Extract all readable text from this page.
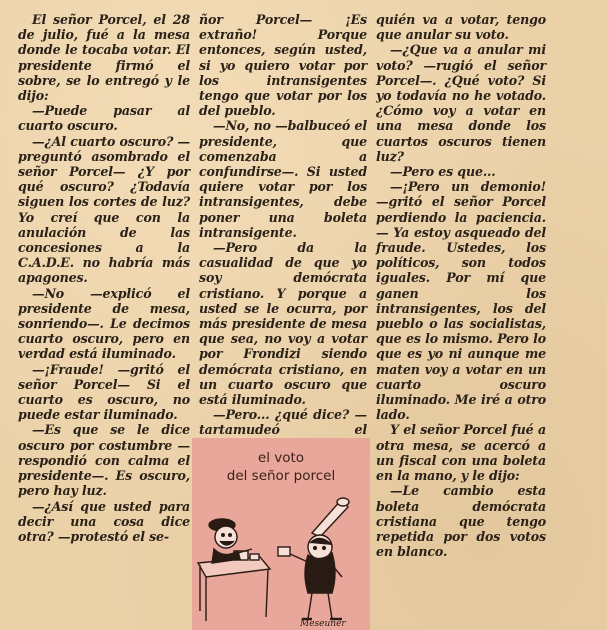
El señor Porcel, el 28 de julio, fué a la mesa donde le tocaba votar. El presidente firmó el sobre, se lo entregó y le dijo:

—Puede pasar al cuarto oscuro.

—¿Al cuarto oscuro? —preguntó asombrado el señor Porcel— ¿Y por qué oscuro? ¿Todavía siguen los cortes de luz? Yo creí que con la anulación de las concesiones a la C.A.D.E. no habría más apagones.

—No —explicó el presidente de mesa, sonriendo—. Le decimos cuarto oscuro, pero en verdad está iluminado.

—¡Fraude! —gritó el señor Porcel— Si el cuarto es oscuro, no puede estar iluminado.

—Es que se le dice oscuro por costumbre —respondió con calma el presidente—. Es oscuro, pero hay luz.

—¿Así que usted para decir una cosa dice otra? —protestó el se-

ñor Porcel— ¡Es extraño! Porque entonces, según usted, si yo quiero votar por los intransigentes tengo que votar por los del pueblo.

—No, no —balbuceó el presidente, que comenzaba a confundirse—. Si usted quiere votar por los intransigentes, debe poner una boleta intransigente.

—Pero da la casualidad de que yo soy demócrata cristiano. Y porque a usted se le ocurra, por más presidente de mesa que sea, no voy a votar por Frondizi siendo demócrata cristiano, en un cuarto oscuro que está iluminado.

—Pero... ¿qué dice? —tartamudeó el

quién va a votar, tengo que anular su voto.

—¿Que va a anular mi voto? —rugió el señor Porcel—. ¿Qué voto? Si yo todavía no he votado. ¿Cómo voy a votar en una mesa donde los cuartos oscuros tienen luz?

—Pero es que...

—¡Pero un demonio! —gritó el señor Porcel perdiendo la paciencia.— Ya estoy asqueado del fraude. Ustedes, los políticos, son todos iguales. Por mí que ganen los intransigentes, los del pueblo o las socialistas, que es lo mismo. Pero lo que es yo ni aunque me maten voy a votar en un cuarto oscuro iluminado. Me iré a otro lado.

Y el señor Porcel fué a otra mesa, se acercó a un fiscal con una boleta en la mano, y le dijo:

—Le cambio esta boleta demócrata cristiana que tengo repetida por dos votos en blanco.

el voto
del señor porcel
Meseuner
